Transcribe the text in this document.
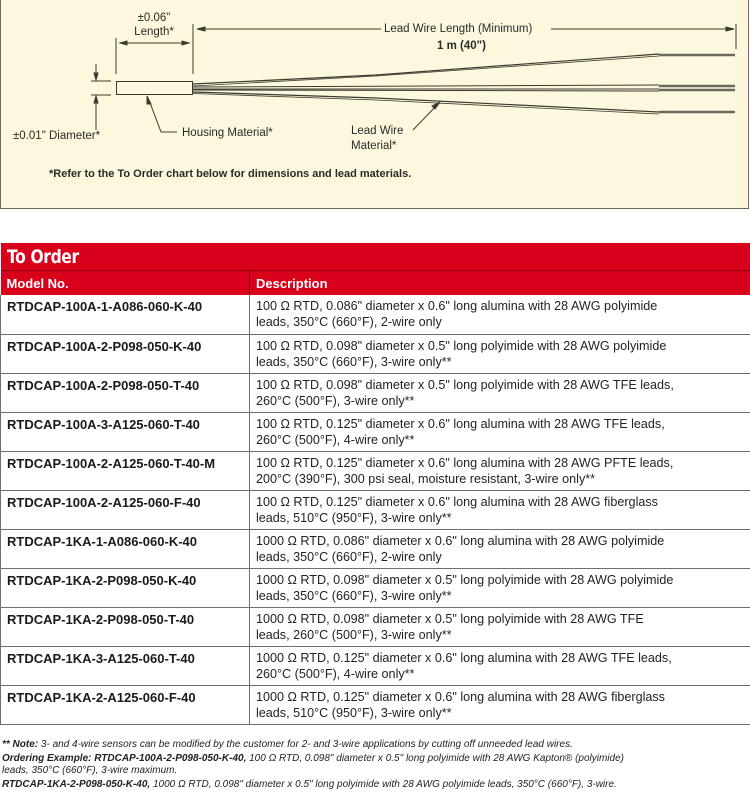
±0.06"
Length*	Lead Wire Length (Minimum)
1 m (40")
±0.01" Diameter*	Housing Material*	Lead Wire
Material*
*Refer to the To Order chart below for dimensions and lead materials.
To Order	
Model No.	Description
RTDCAP-100A-1-A086-060-K-40	100 Ω RTD, 0.086" diameter x 0.6" long alumina with 28 AWG polyimide
leads, 350°C (660°F), 2-wire only
RTDCAP-100A-2-P098-050-K-40	100 Ω RTD, 0.098" diameter x 0.5" long polyimide with 28 AWG polyimide
leads, 350°C (660°F), 3-wire only**
RTDCAP-100A-2-P098-050-T-40	100 Ω RTD, 0.098" diameter x 0.5" long polyimide with 28 AWG TFE leads,
260°C (500°F), 3-wire only**
RTDCAP-100A-3-A125-060-T-40	100 Ω RTD, 0.125" diameter x 0.6" long alumina with 28 AWG TFE leads,
260°C (500°F), 4-wire only**
RTDCAP-100A-2-A125-060-T-40-M	100 Ω RTD, 0.125" diameter x 0.6" long alumina with 28 AWG PFTE leads,
200°C (390°F), 300 psi seal, moisture resistant, 3-wire only**
RTDCAP-100A-2-A125-060-F-40	100 Ω RTD, 0.125" diameter x 0.6" long alumina with 28 AWG fiberglass
leads, 510°C (950°F), 3-wire only**
RTDCAP-1KA-1-A086-060-K-40	1000 Ω RTD, 0.086" diameter x 0.6" long alumina with 28 AWG polyimide
leads, 350°C (660°F), 2-wire only
RTDCAP-1KA-2-P098-050-K-40	1000 Ω RTD, 0.098" diameter x 0.5" long polyimide with 28 AWG polyimide
leads, 350°C (660°F), 3-wire only**
RTDCAP-1KA-2-P098-050-T-40	1000 Ω RTD, 0.098" diameter x 0.5" long polyimide with 28 AWG TFE
leads, 260°C (500°F), 3-wire only**
RTDCAP-1KA-3-A125-060-T-40	1000 Ω RTD, 0.125" diameter x 0.6" long alumina with 28 AWG TFE leads,
260°C (500°F), 4-wire only**
RTDCAP-1KA-2-A125-060-F-40	1000 Ω RTD, 0.125" diameter x 0.6" long alumina with 28 AWG fiberglass
leads, 510°C (950°F), 3-wire only**

** Note: 3- and 4-wire sensors can be modified by the customer for 2- and 3-wire applications by cutting off unneeded lead wires.

Ordering Example: RTDCAP-100A-2-P098-050-K-40, 100 Ω RTD, 0.098" diameter x 0.5" long polyimide with 28 AWG Kapton® (polyimide)
leads, 350°C (660°F), 3-wire maximum.

RTDCAP-1KA-2-P098-050-K-40, 1000 Ω RTD, 0.098" diameter x 0.5" long polyimide with 28 AWG polyimide leads, 350°C (660°F), 3-wire.
